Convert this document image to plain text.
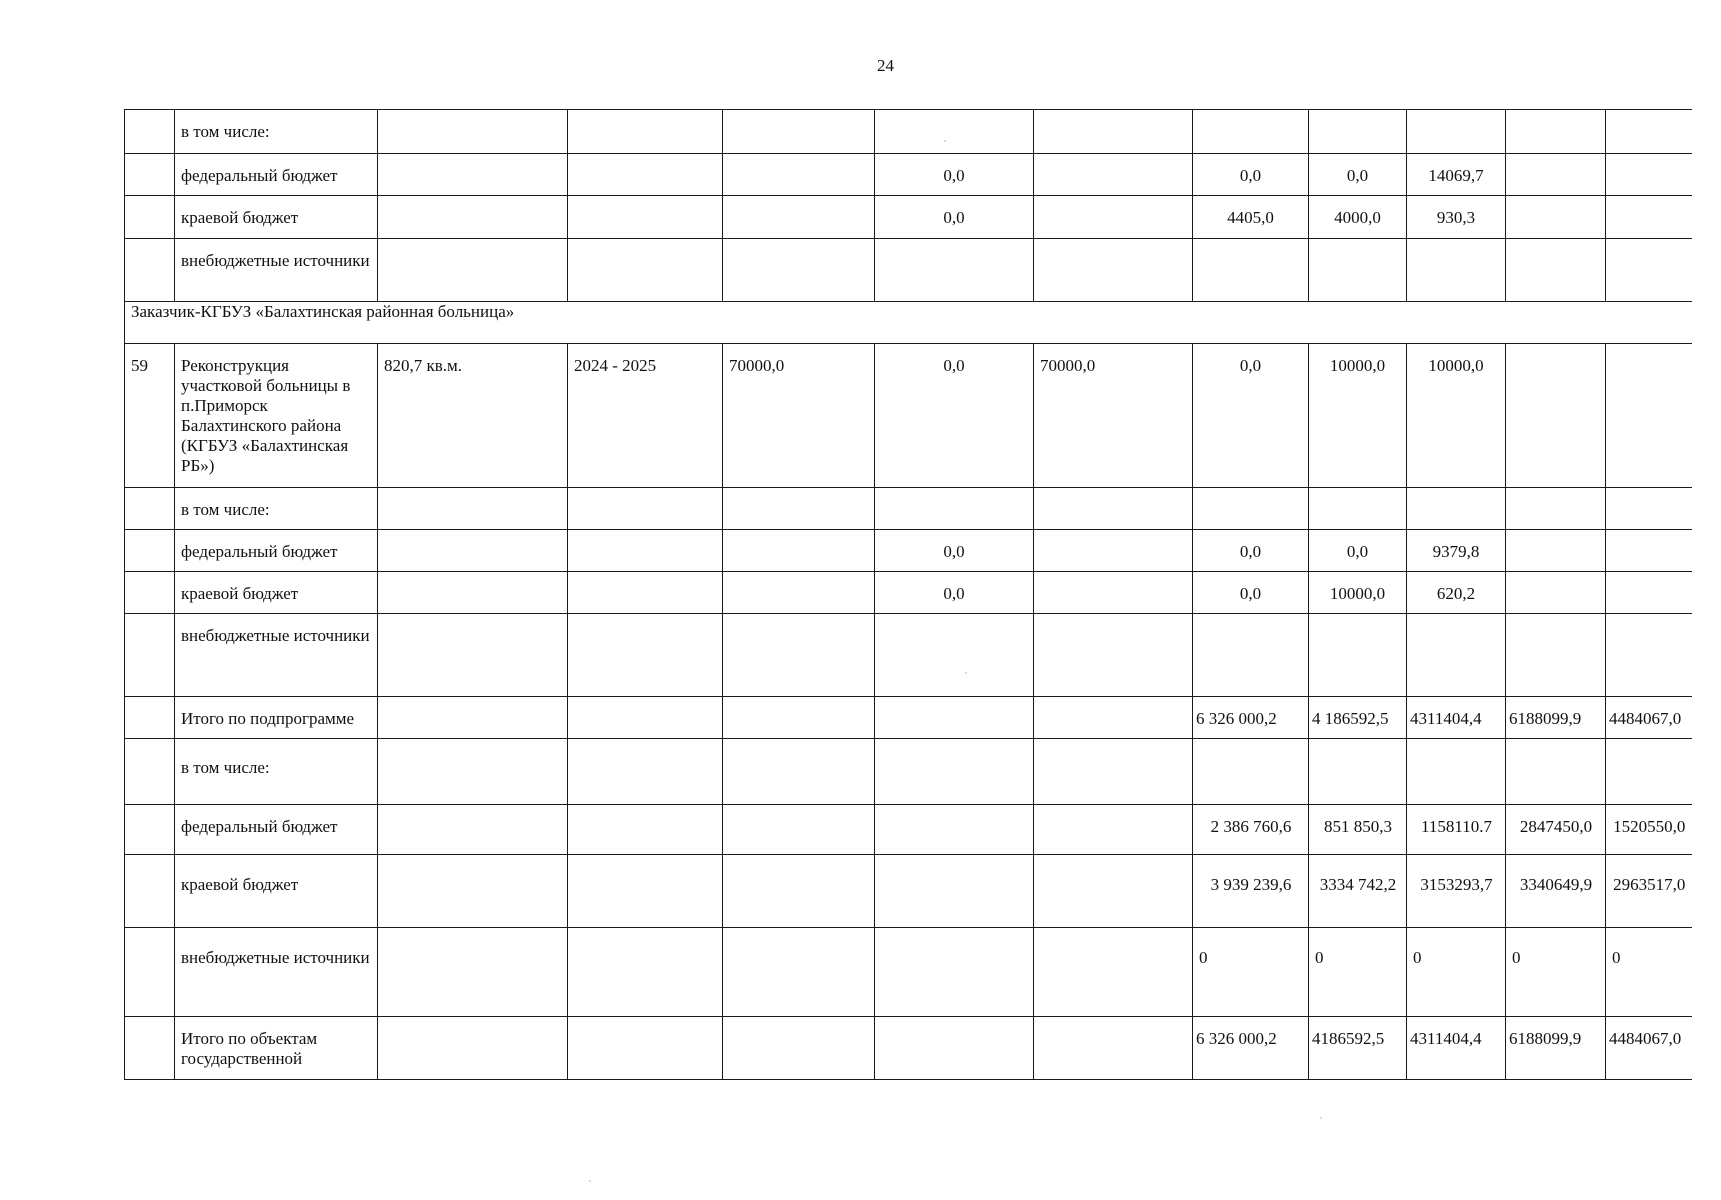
24
	в том числе:										
	федеральный бюджет				0,0		0,0	0,0	14069,7		
	краевой бюджет				0,0		4405,0	4000,0	930,3		
	внебюджетные источники										
Заказчик-КГБУЗ «Балахтинская районная больница»											
59	Реконструкция участковой больницы в п.Приморск Балахтинского района (КГБУЗ «Балахтинская РБ»)	820,7 кв.м.	2024 - 2025	70000,0	0,0	70000,0	0,0	10000,0	10000,0		
	в том числе:										
	федеральный бюджет				0,0		0,0	0,0	9379,8		
	краевой бюджет				0,0		0,0	10000,0	620,2		
	внебюджетные источники										
	Итого по подпрограмме						6 326 000,2	4 186592,5	4311404,4	6188099,9	4484067,0
	в том числе:										
	федеральный бюджет						2 386 760,6	851 850,3	1158110.7	2847450,0	1520550,0
	краевой бюджет						3 939 239,6	3334 742,2	3153293,7	3340649,9	2963517,0
	внебюджетные источники						0	0	0	0	0
	Итого по объектам государственной						6 326 000,2	4186592,5	4311404,4	6188099,9	4484067,0
